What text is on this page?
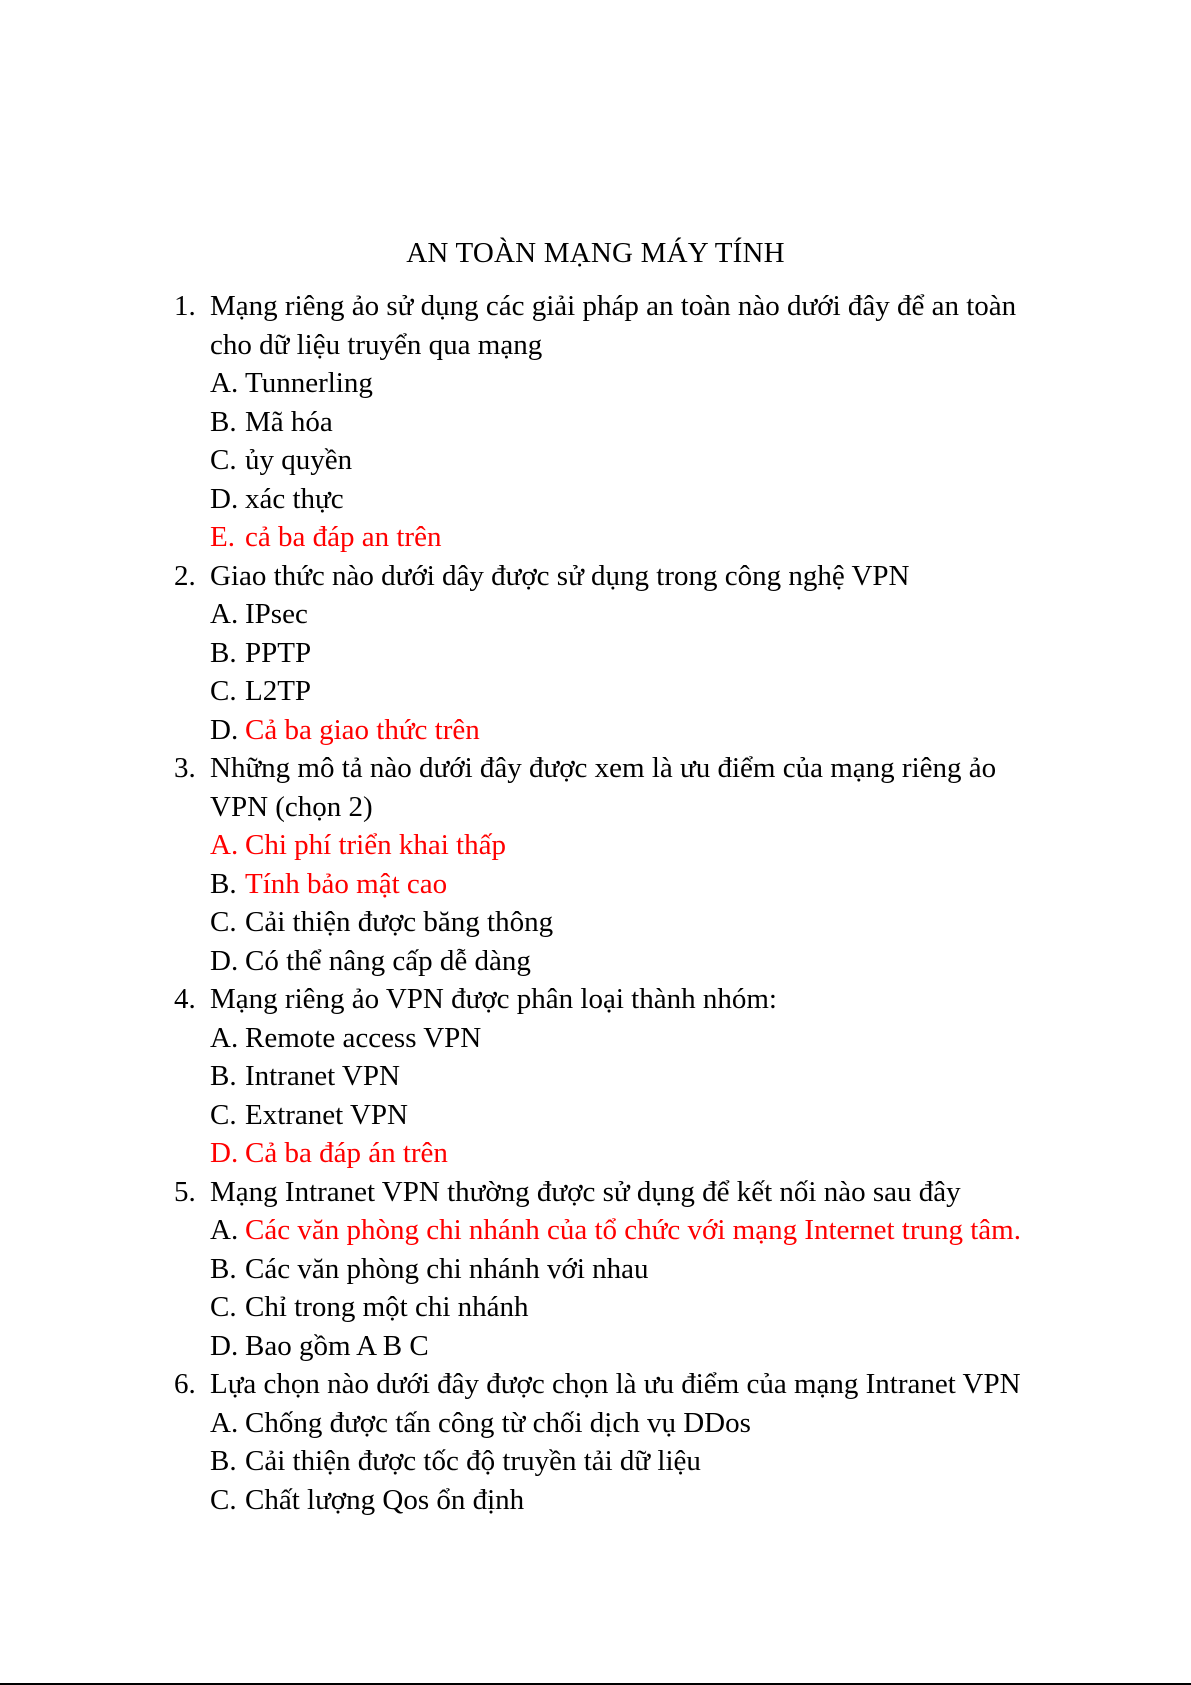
AN TOÀN MẠNG MÁY TÍNH
1. Mạng riêng ảo sử dụng các giải pháp an toàn nào dưới đây để an toàn cho dữ liệu truyển qua mạng
A. Tunnerling
B. Mã hóa
C. ủy quyền
D. xác thực
E. cả ba đáp an trên
2. Giao thức nào dưới dây được sử dụng trong công nghệ VPN
A. IPsec
B. PPTP
C. L2TP
D. Cả ba giao thức trên
3. Những mô tả nào dưới đây được xem là ưu điểm của mạng riêng ảo VPN (chọn 2)
A. Chi phí triển khai thấp
B. Tính bảo mật cao
C. Cải thiện được băng thông
D. Có thể nâng cấp dễ dàng
4. Mạng riêng ảo VPN được phân loại thành nhóm:
A. Remote access VPN
B. Intranet VPN
C. Extranet VPN
D. Cả ba đáp án trên
5. Mạng Intranet VPN thường được sử dụng để kết nối nào sau đây
A. Các văn phòng chi nhánh của tổ chức với mạng Internet trung tâm.
B. Các văn phòng chi nhánh với nhau
C. Chỉ trong một chi nhánh
D. Bao gồm A B C
6. Lựa chọn nào dưới đây được chọn là ưu điểm của mạng Intranet VPN
A. Chống được tấn công từ chối dịch vụ DDos
B. Cải thiện được tốc độ truyền tải dữ liệu
C. Chất lượng Qos ổn định
